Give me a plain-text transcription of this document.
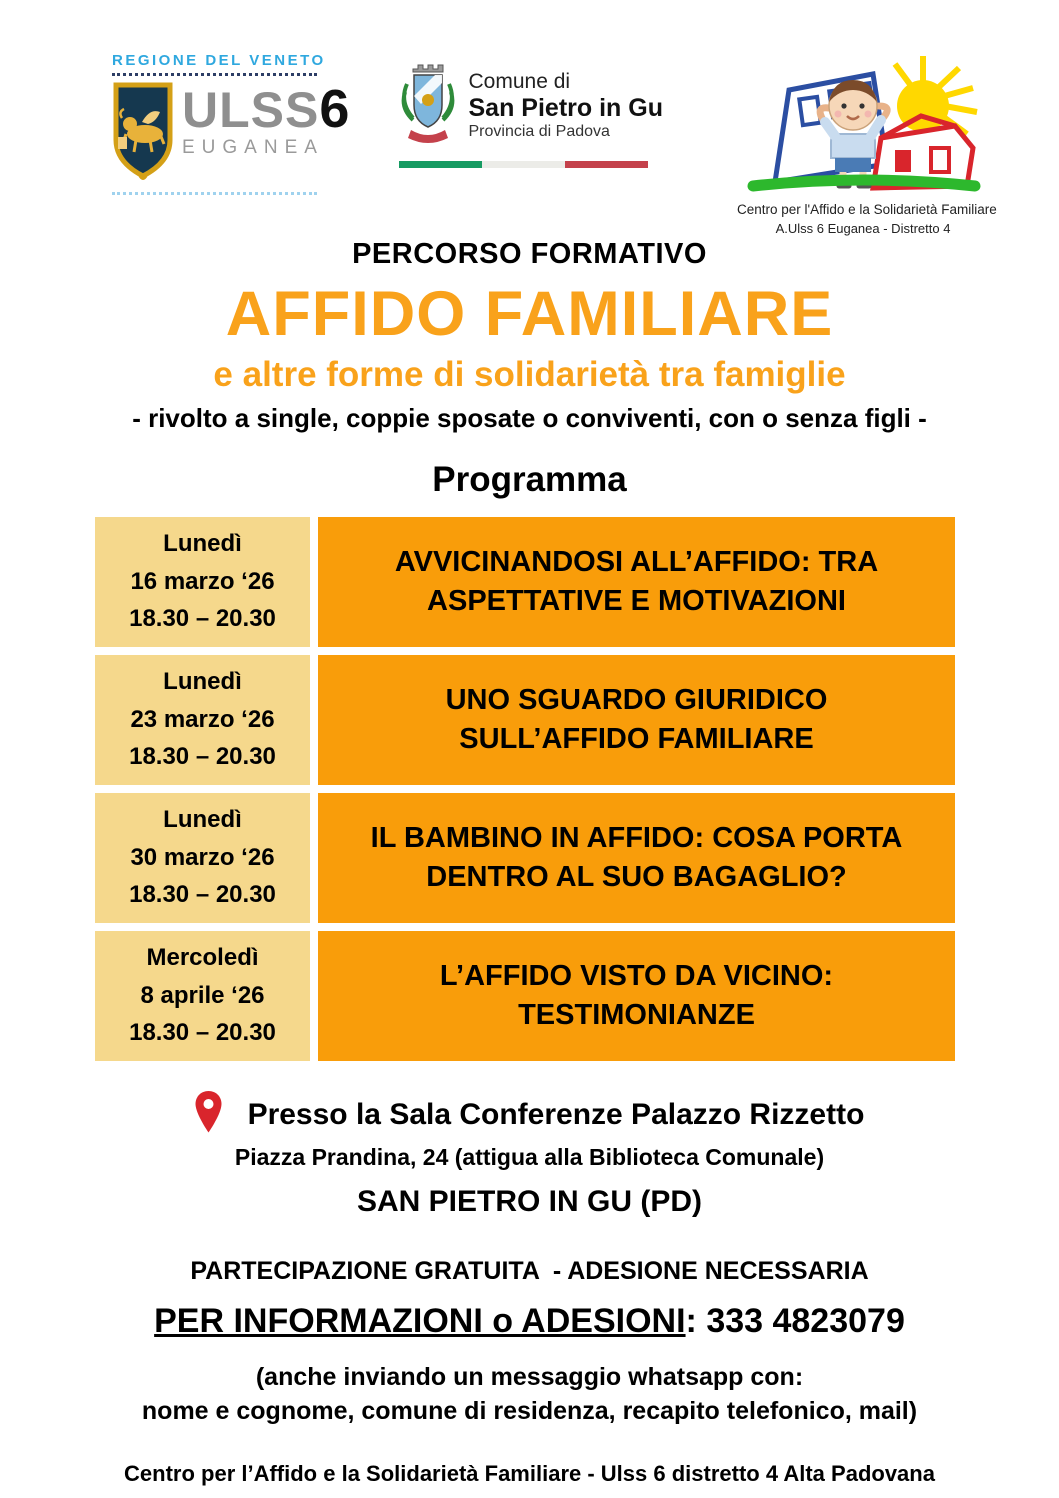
REGIONE DEL VENETO
ULSS6
EUGANEA
Comune di
San Pietro in Gu
Provincia di Padova
Centro per l'Affido e la Solidarietà Familiare
A.Ulss 6 Euganea - Distretto 4
PERCORSO FORMATIVO
AFFIDO FAMILIARE
e altre forme di solidarietà tra famiglie
- rivolto a single, coppie sposate o conviventi, con o senza figli -
Programma
Lunedì
16 marzo ‘26
18.30 – 20.30
AVVICINANDOSI ALL’AFFIDO: TRA ASPETTATIVE E MOTIVAZIONI
Lunedì
23 marzo ‘26
18.30 – 20.30
UNO SGUARDO GIURIDICO SULL’AFFIDO FAMILIARE
Lunedì
30 marzo ‘26
18.30 – 20.30
IL BAMBINO IN AFFIDO: COSA PORTA DENTRO AL SUO BAGAGLIO?
Mercoledì
8 aprile ‘26
18.30 – 20.30
L’AFFIDO VISTO DA VICINO: TESTIMONIANZE
Presso la Sala Conferenze Palazzo Rizzetto
Piazza Prandina, 24 (attigua alla Biblioteca Comunale)
SAN PIETRO IN GU (PD)
PARTECIPAZIONE GRATUITA  - ADESIONE NECESSARIA
PER INFORMAZIONI o ADESIONI: 333 4823079
(anche inviando un messaggio whatsapp con:
nome e cognome, comune di residenza, recapito telefonico, mail)
Centro per l’Affido e la Solidarietà Familiare - Ulss 6 distretto 4 Alta Padovana
